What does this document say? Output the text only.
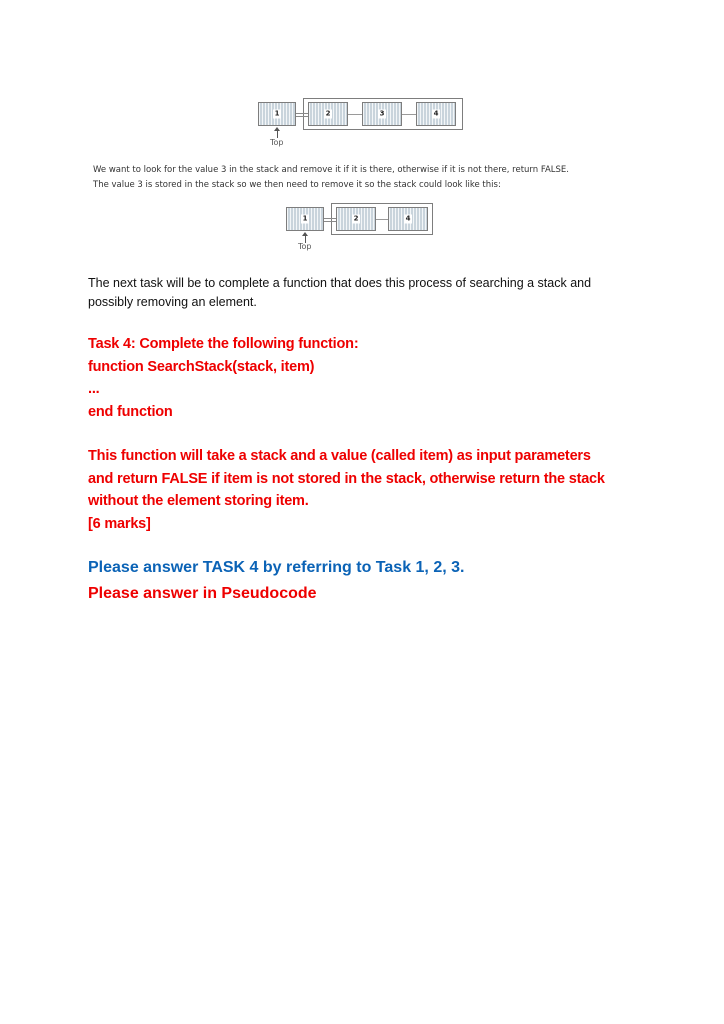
1	2	3	4
Top
We want to look for the value 3 in the stack and remove it if it is there, otherwise if it is not there, return FALSE.
The value 3 is stored in the stack so we then need to remove it so the stack could look like this:
1	2	4
Top
The next task will be to complete a function that does this process of searching a stack and
possibly removing an element.
Task 4: Complete the following function:
function SearchStack(stack, item)
...
end function
This function will take a stack and a value (called item) as input parameters
and return FALSE if item is not stored in the stack, otherwise return the stack
without the element storing item.
[6 marks]
Please answer TASK 4 by referring to Task 1, 2, 3.
Please answer in Pseudocode
